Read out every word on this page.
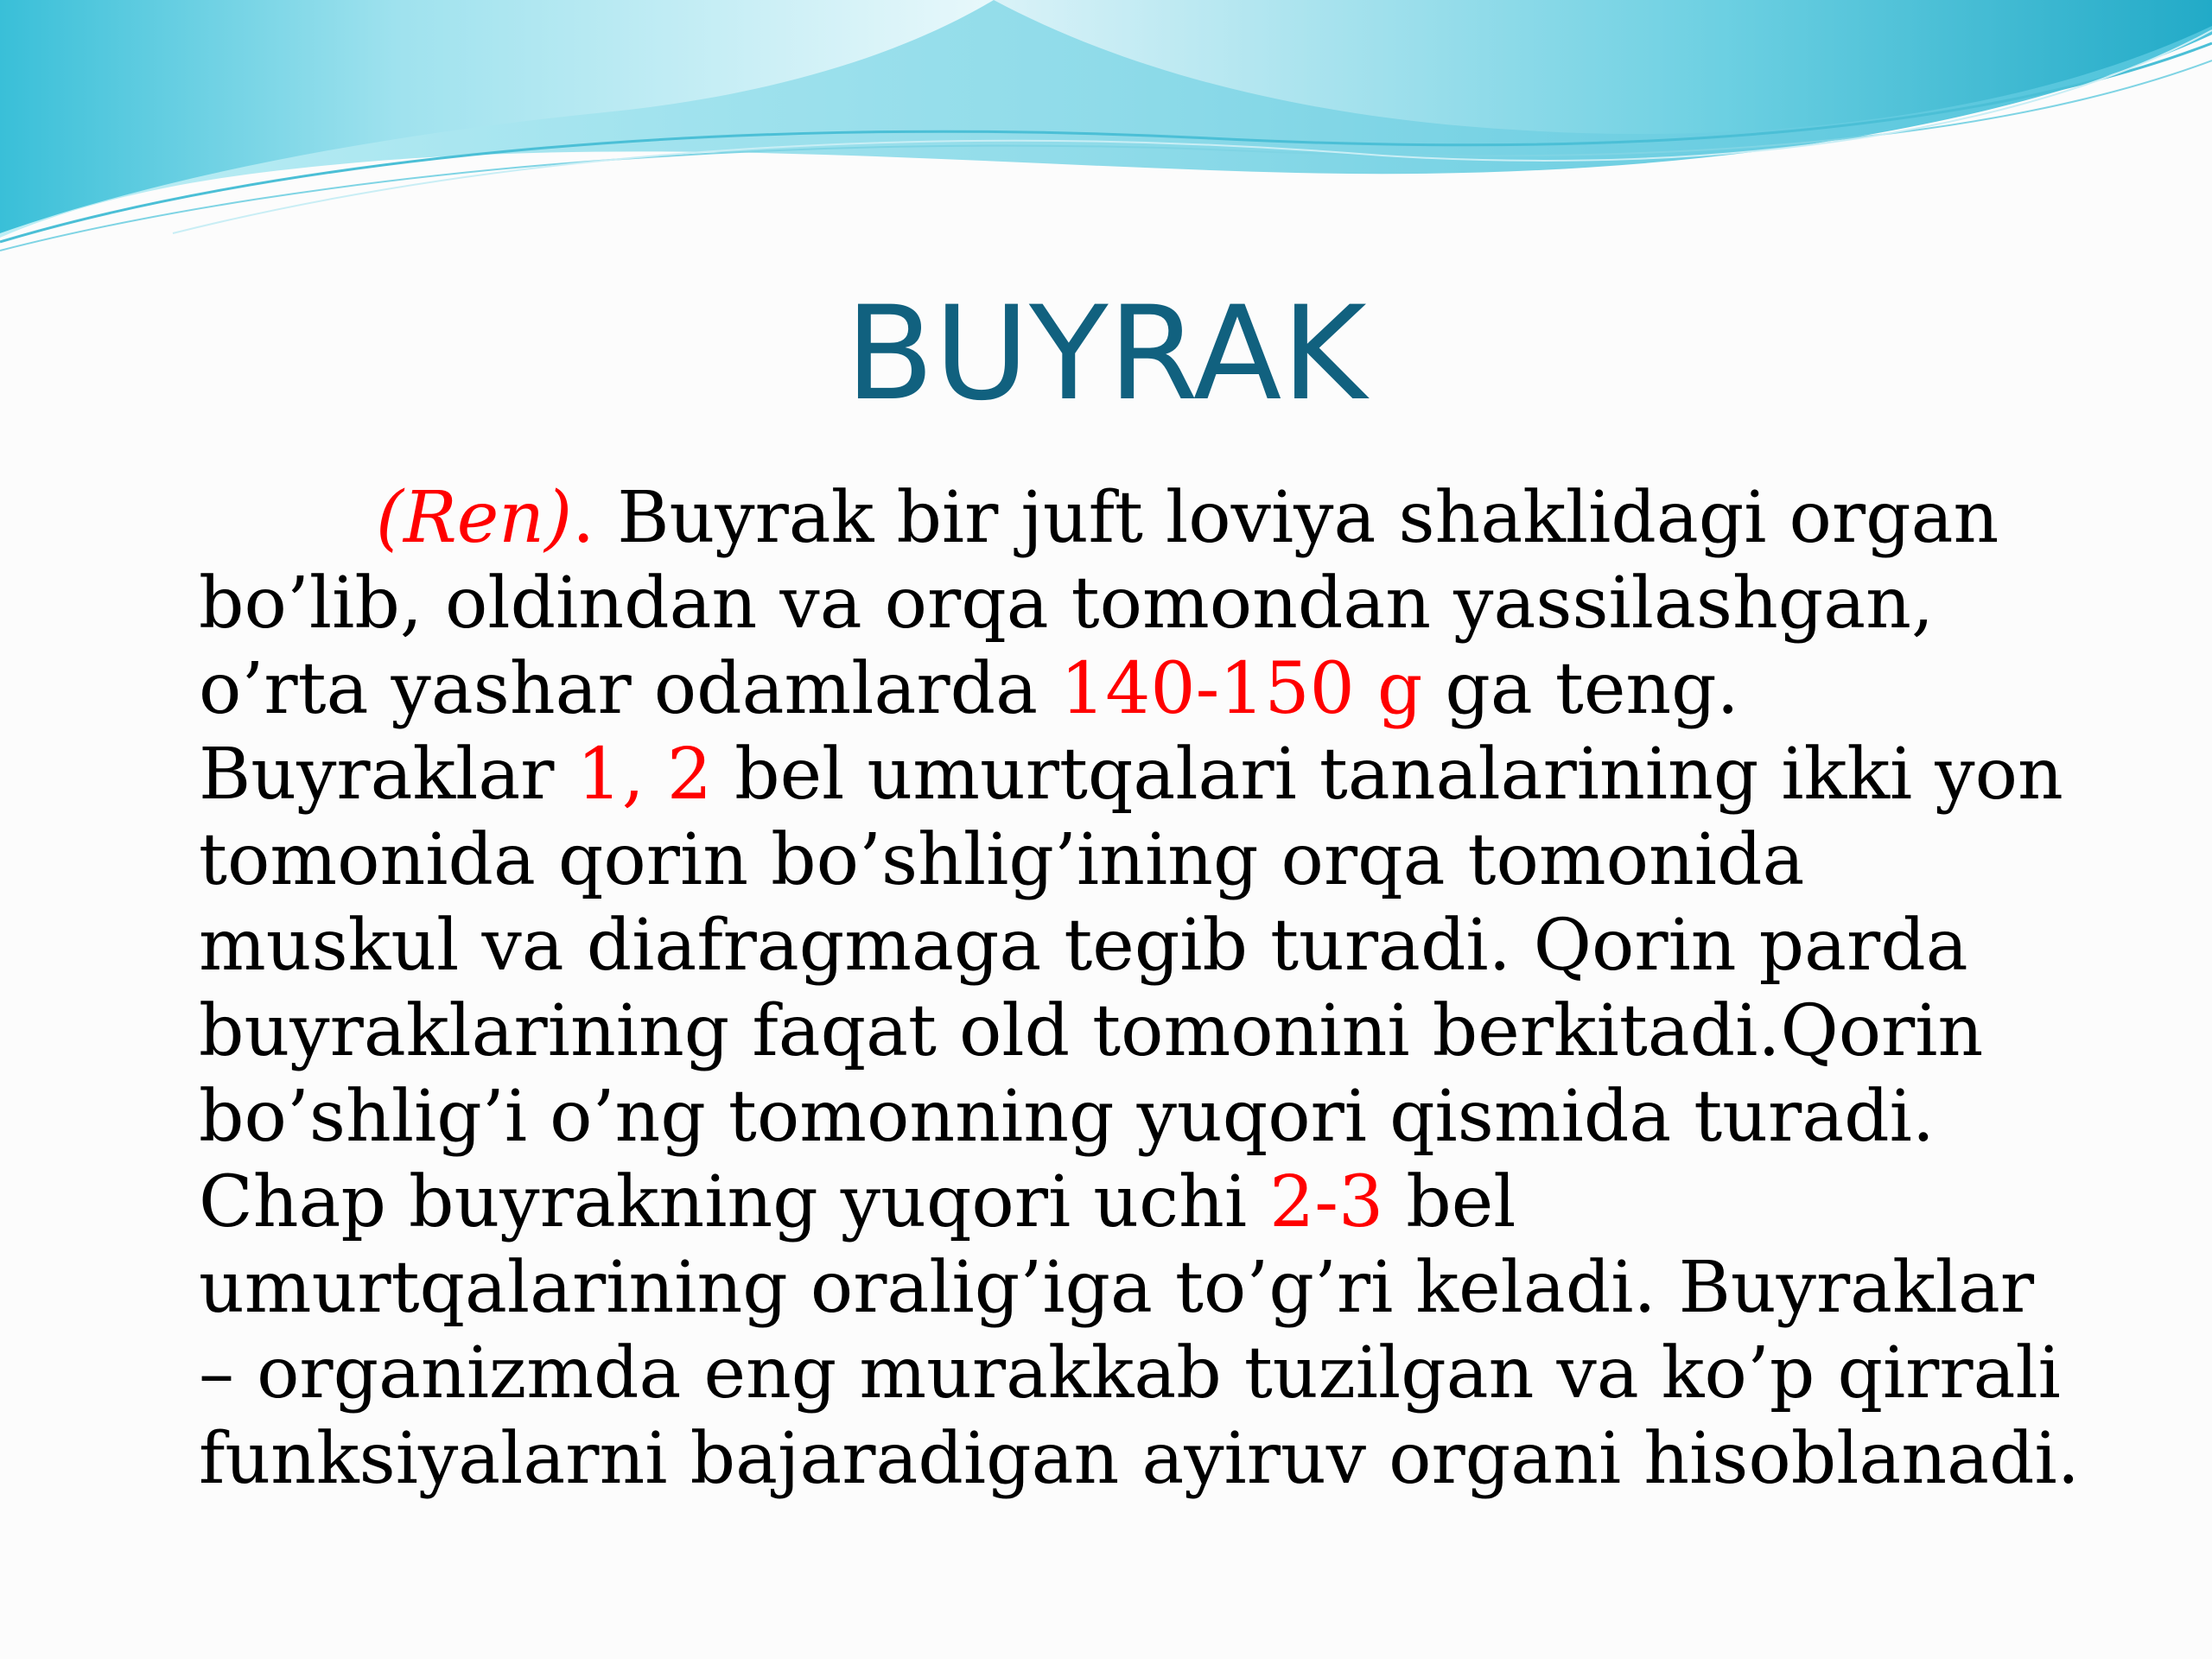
BUYRAK

(Ren). Buyrak bir juft loviya shaklidagi organ bo’lib, oldindan va orqa tomondan yassilashgan, o’rta yashar odamlarda 140-150 g ga teng. Buyraklar 1, 2 bel umurtqalari tanalarining ikki yon tomonida qorin bo’shlig’ining orqa tomonida muskul va diafragmaga tegib turadi. Qorin parda buyraklarining faqat old tomonini berkitadi.Qorin bo’shlig’i o’ng tomonning yuqori qismida turadi. Chap buyrakning yuqori uchi 2-3 bel umurtqalarining oralig’iga to’g’ri keladi. Buyraklar – organizmda eng murakkab tuzilgan va ko’p qirrali funksiyalarni bajaradigan ayiruv organi hisoblanadi.
